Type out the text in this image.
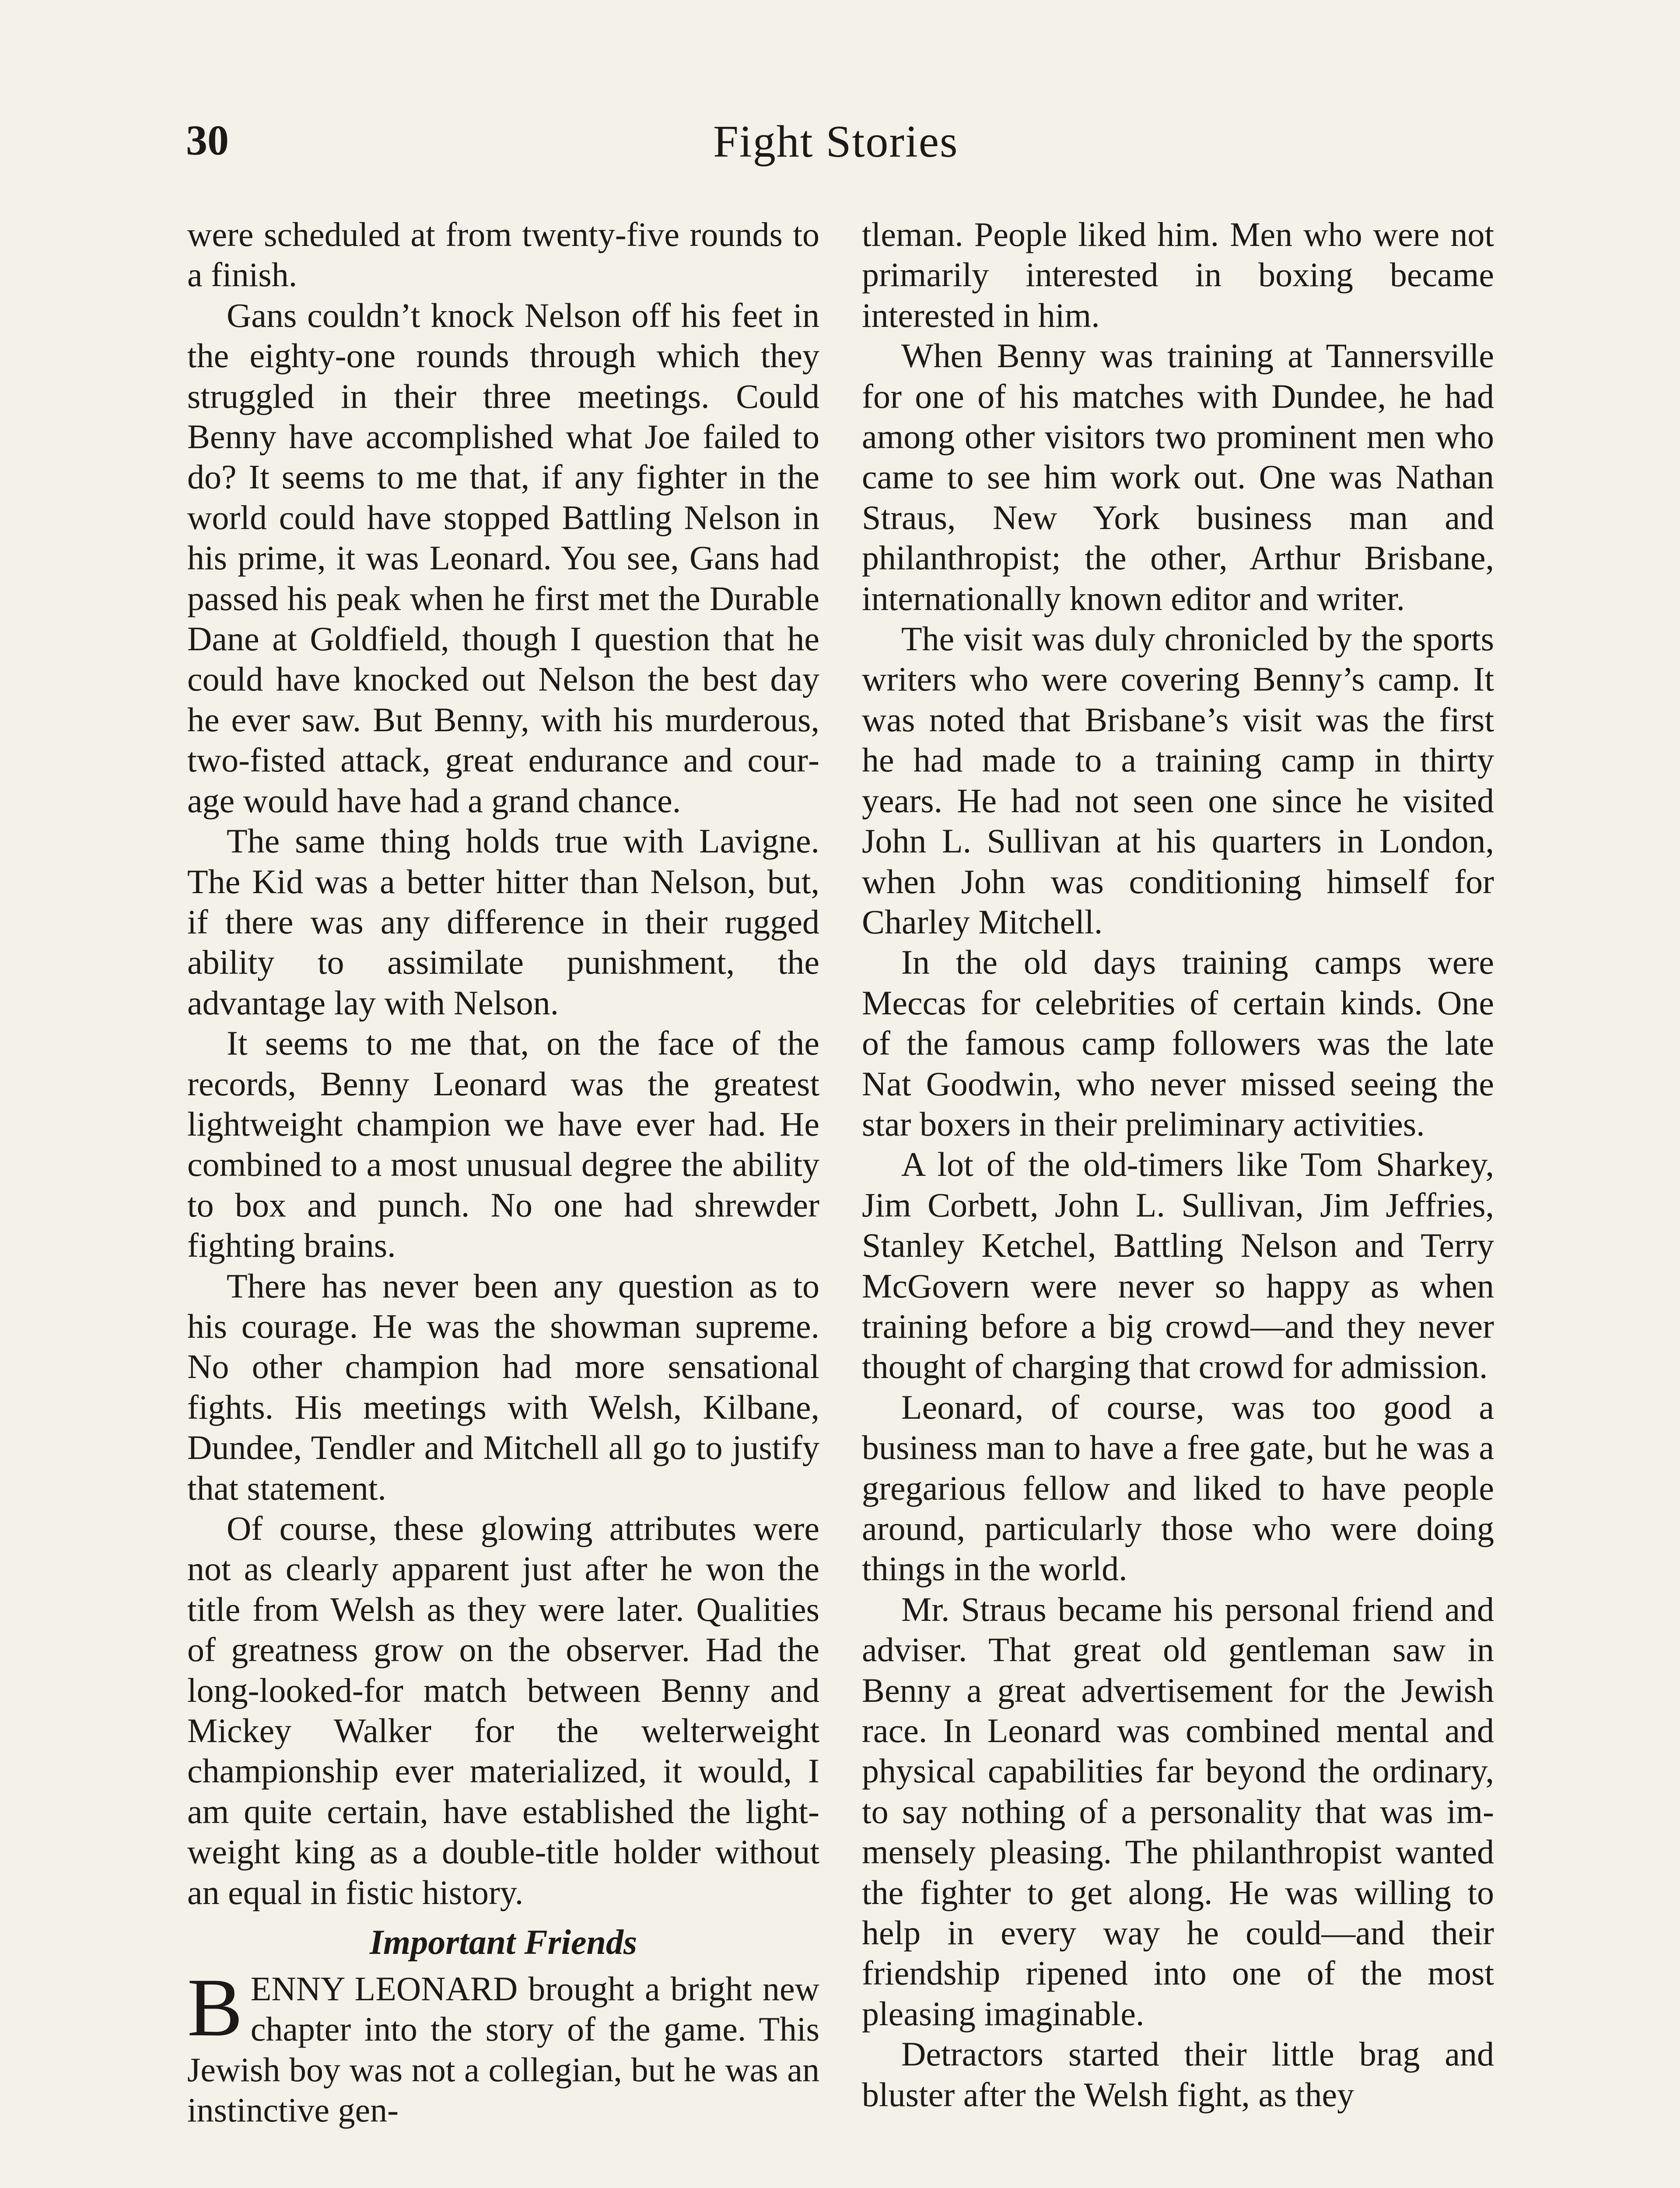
30	Fight Stories

were scheduled at from twenty-five rounds to a finish.

Gans couldn’t knock Nelson off his feet in the eighty-one rounds through which they struggled in their three meetings. Could Benny have accomplished what Joe failed to do? It seems to me that, if any fighter in the world could have stopped Battling Nelson in his prime, it was Leonard. You see, Gans had passed his peak when he first met the Durable Dane at Goldfield, though I question that he could have knocked out Nelson the best day he ever saw. But Benny, with his murderous, two-fisted attack, great endurance and courage would have had a grand chance.

The same thing holds true with Lavigne. The Kid was a better hitter than Nelson, but, if there was any difference in their rugged ability to assimilate punishment, the advantage lay with Nelson.

It seems to me that, on the face of the records, Benny Leonard was the greatest lightweight champion we have ever had. He combined to a most unusual degree the ability to box and punch. No one had shrewder fighting brains.

There has never been any question as to his courage. He was the showman supreme. No other champion had more sensational fights. His meetings with Welsh, Kilbane, Dundee, Tendler and Mitchell all go to justify that statement.

Of course, these glowing attributes were not as clearly apparent just after he won the title from Welsh as they were later. Qualities of greatness grow on the observer. Had the long-looked-for match between Benny and Mickey Walker for the welterweight championship ever materialized, it would, I am quite certain, have established the lightweight king as a double-title holder without an equal in fistic history.

Important Friends

BENNY LEONARD brought a bright new chapter into the story of the game. This Jewish boy was not a collegian, but he was an instinctive gen-

tleman. People liked him. Men who were not primarily interested in boxing became interested in him.

When Benny was training at Tannersville for one of his matches with Dundee, he had among other visitors two prominent men who came to see him work out. One was Nathan Straus, New York business man and philanthropist; the other, Arthur Brisbane, internationally known editor and writer.

The visit was duly chronicled by the sports writers who were covering Benny’s camp. It was noted that Brisbane’s visit was the first he had made to a training camp in thirty years. He had not seen one since he visited John L. Sullivan at his quarters in London, when John was conditioning himself for Charley Mitchell.

In the old days training camps were Meccas for celebrities of certain kinds. One of the famous camp followers was the late Nat Goodwin, who never missed seeing the star boxers in their preliminary activities.

A lot of the old-timers like Tom Sharkey, Jim Corbett, John L. Sullivan, Jim Jeffries, Stanley Ketchel, Battling Nelson and Terry McGovern were never so happy as when training before a big crowd—and they never thought of charging that crowd for admission.

Leonard, of course, was too good a business man to have a free gate, but he was a gregarious fellow and liked to have people around, particularly those who were doing things in the world.

Mr. Straus became his personal friend and adviser. That great old gentleman saw in Benny a great advertisement for the Jewish race. In Leonard was combined mental and physical capabilities far beyond the ordinary, to say nothing of a personality that was immensely pleasing. The philanthropist wanted the fighter to get along. He was willing to help in every way he could—and their friendship ripened into one of the most pleasing imaginable.

Detractors started their little brag and bluster after the Welsh fight, as they
